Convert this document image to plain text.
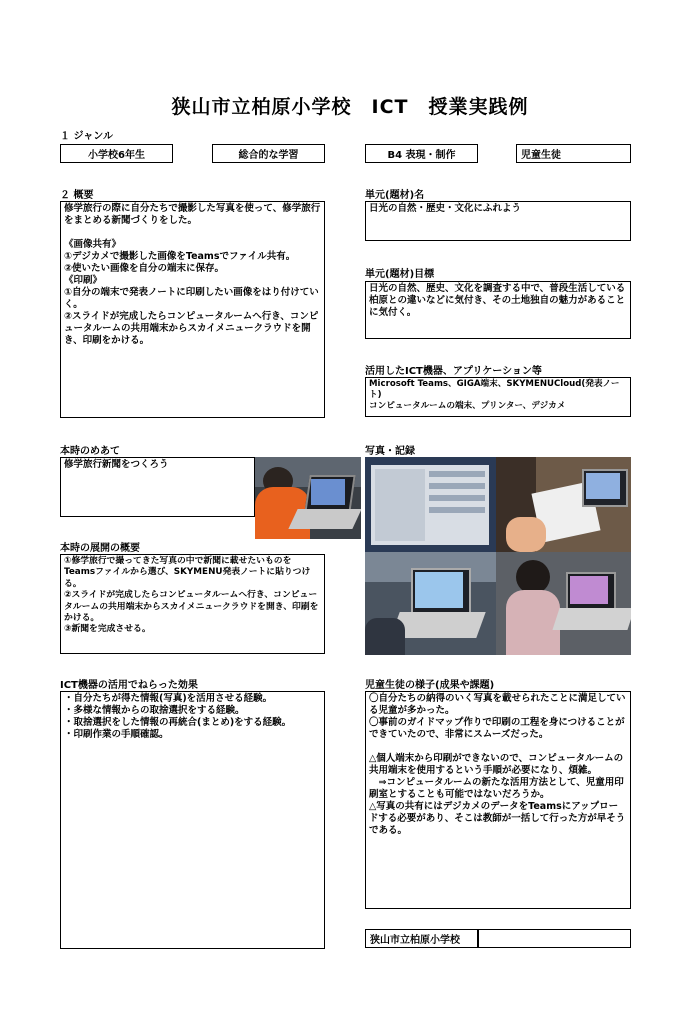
狭山市立柏原小学校　ICT　授業実践例
１ ジャンル
小学校6年生	総合的な学習	B4 表現・制作	児童生徒
２ 概要
修学旅行の際に自分たちで撮影した写真を使って、修学旅行をまとめる新聞づくりをした。

《画像共有》
①デジカメで撮影した画像をTeamsでファイル共有。
②使いたい画像を自分の端末に保存。
《印刷》
①自分の端末で発表ノートに印刷したい画像をはり付けていく。
②スライドが完成したらコンピュータルームへ行き、コンピュータルームの共用端末からスカイメニュークラウドを開き、印刷をかける。
単元(題材)名
日光の自然・歴史・文化にふれよう
単元(題材)目標
日光の自然、歴史、文化を調査する中で、普段生活している柏原との違いなどに気付き、その土地独自の魅力があることに気付く。
活用したICT機器、アプリケーション等
Microsoft Teams、GIGA端末、SKYMENUCloud(発表ノート)
コンピュータルームの端末、プリンター、デジカメ
本時のめあて
修学旅行新聞をつくろう
写真・記録
本時の展開の概要
①修学旅行で撮ってきた写真の中で新聞に載せたいものをTeamsファイルから選び、SKYMENU発表ノートに貼りつける。
②スライドが完成したらコンピュータルームへ行き、コンピュータルームの共用端末からスカイメニュークラウドを開き、印刷をかける。
③新聞を完成させる。
ICT機器の活用でねらった効果
・自分たちが得た情報(写真)を活用させる経験。
・多様な情報からの取捨選択をする経験。
・取捨選択をした情報の再統合(まとめ)をする経験。
・印刷作業の手順確認。
児童生徒の様子(成果や課題)
〇自分たちの納得のいく写真を載せられたことに満足している児童が多かった。
〇事前のガイドマップ作りで印刷の工程を身につけることができていたので、非常にスムーズだった。

△個人端末から印刷ができないので、コンピュータルームの共用端末を使用するという手順が必要になり、煩雑。
　⇒コンピュータルームの新たな活用方法として、児童用印刷室とすることも可能ではないだろうか。
△写真の共有にはデジカメのデータをTeamsにアップロードする必要があり、そこは教師が一括して行った方が早そうである。
狭山市立柏原小学校
